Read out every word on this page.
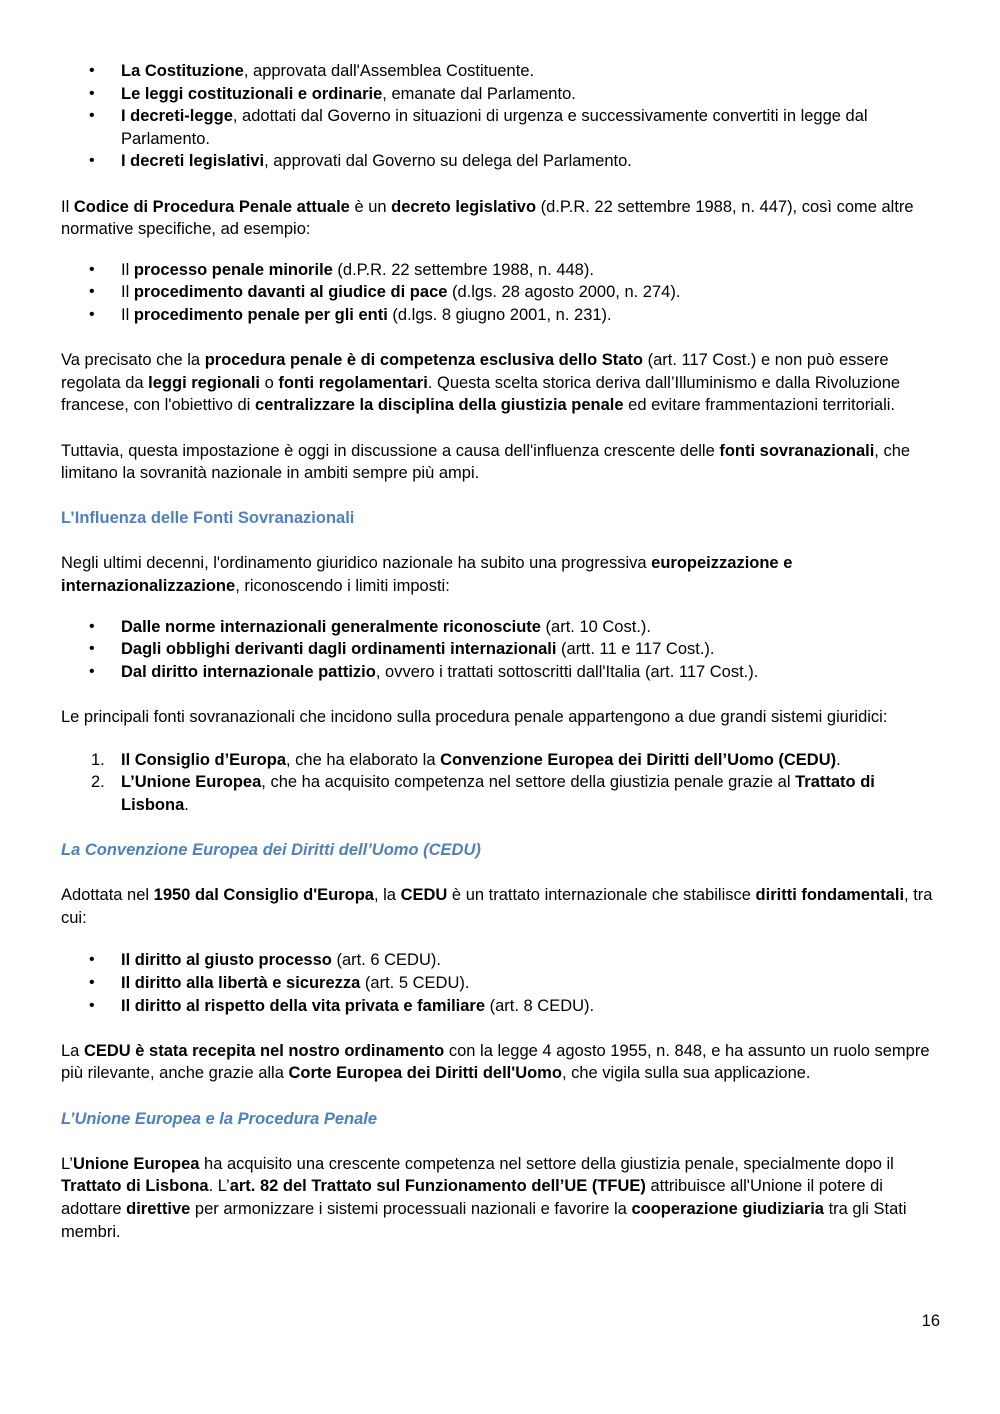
• La Costituzione, approvata dall'Assemblea Costituente.
• Le leggi costituzionali e ordinarie, emanate dal Parlamento.
• I decreti-legge, adottati dal Governo in situazioni di urgenza e successivamente convertiti in legge dal Parlamento.
• I decreti legislativi, approvati dal Governo su delega del Parlamento.

Il Codice di Procedura Penale attuale è un decreto legislativo (d.P.R. 22 settembre 1988, n. 447), così come altre normative specifiche, ad esempio:

• Il processo penale minorile (d.P.R. 22 settembre 1988, n. 448).
• Il procedimento davanti al giudice di pace (d.lgs. 28 agosto 2000, n. 274).
• Il procedimento penale per gli enti (d.lgs. 8 giugno 2001, n. 231).

Va precisato che la procedura penale è di competenza esclusiva dello Stato (art. 117 Cost.) e non può essere regolata da leggi regionali o fonti regolamentari. Questa scelta storica deriva dall’Illuminismo e dalla Rivoluzione francese, con l'obiettivo di centralizzare la disciplina della giustizia penale ed evitare frammentazioni territoriali.

Tuttavia, questa impostazione è oggi in discussione a causa dell'influenza crescente delle fonti sovranazionali, che limitano la sovranità nazionale in ambiti sempre più ampi.

L’Influenza delle Fonti Sovranazionali

Negli ultimi decenni, l'ordinamento giuridico nazionale ha subito una progressiva europeizzazione e internazionalizzazione, riconoscendo i limiti imposti:

• Dalle norme internazionali generalmente riconosciute (art. 10 Cost.).
• Dagli obblighi derivanti dagli ordinamenti internazionali (artt. 11 e 117 Cost.).
• Dal diritto internazionale pattizio, ovvero i trattati sottoscritti dall'Italia (art. 117 Cost.).

Le principali fonti sovranazionali che incidono sulla procedura penale appartengono a due grandi sistemi giuridici:

1. Il Consiglio d’Europa, che ha elaborato la Convenzione Europea dei Diritti dell’Uomo (CEDU).
2. L’Unione Europea, che ha acquisito competenza nel settore della giustizia penale grazie al Trattato di Lisbona.

La Convenzione Europea dei Diritti dell’Uomo (CEDU)

Adottata nel 1950 dal Consiglio d'Europa, la CEDU è un trattato internazionale che stabilisce diritti fondamentali, tra cui:

• Il diritto al giusto processo (art. 6 CEDU).
• Il diritto alla libertà e sicurezza (art. 5 CEDU).
• Il diritto al rispetto della vita privata e familiare (art. 8 CEDU).

La CEDU è stata recepita nel nostro ordinamento con la legge 4 agosto 1955, n. 848, e ha assunto un ruolo sempre più rilevante, anche grazie alla Corte Europea dei Diritti dell'Uomo, che vigila sulla sua applicazione.

L’Unione Europea e la Procedura Penale

L’Unione Europea ha acquisito una crescente competenza nel settore della giustizia penale, specialmente dopo il Trattato di Lisbona. L’art. 82 del Trattato sul Funzionamento dell’UE (TFUE) attribuisce all'Unione il potere di adottare direttive per armonizzare i sistemi processuali nazionali e favorire la cooperazione giudiziaria tra gli Stati membri.

16
